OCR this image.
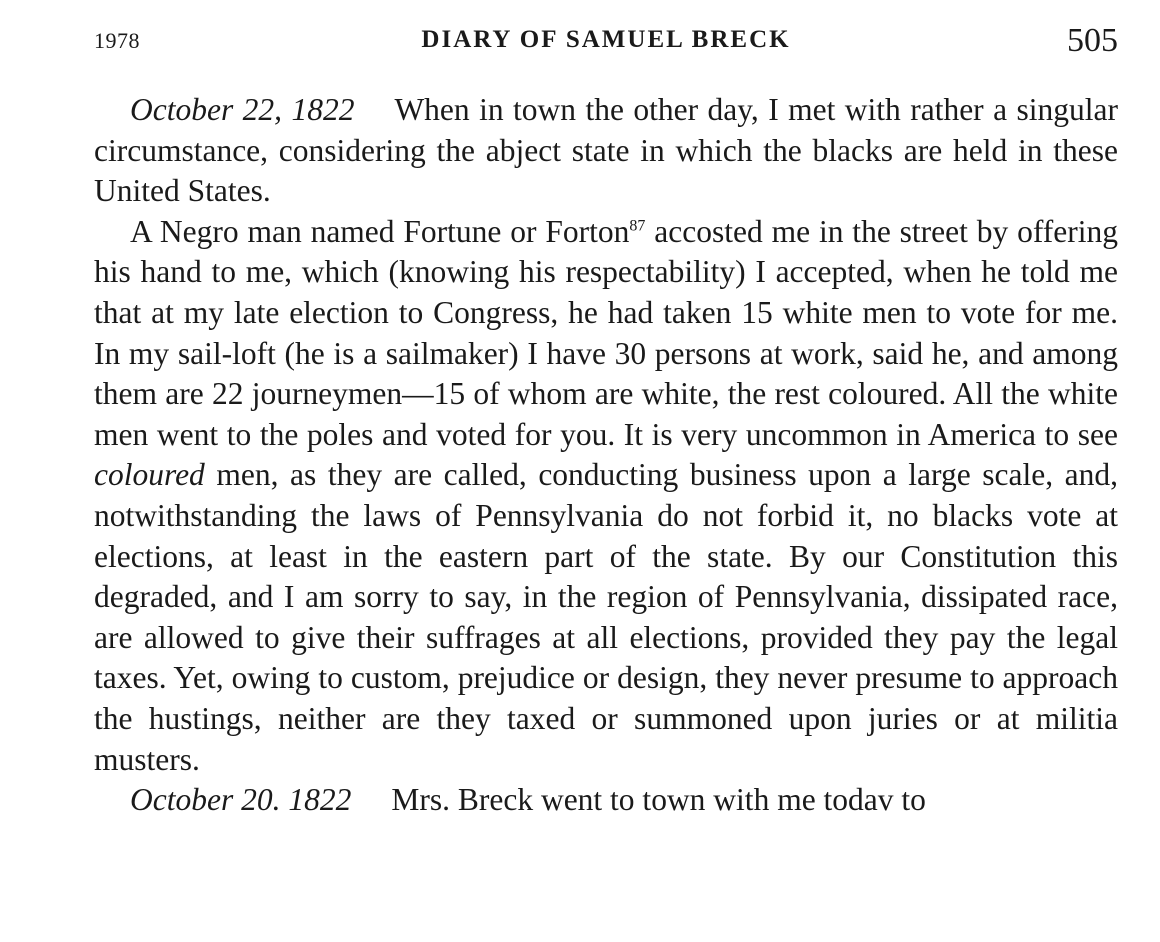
1978	DIARY OF SAMUEL BRECK	505

October 22, 1822 When in town the other day, I met with rather a singular circumstance, considering the abject state in which the blacks are held in these United States.

A Negro man named Fortune or Forton$^{87}$ accosted me in the street by offering his hand to me, which (knowing his respectability) I accepted, when he told me that at my late election to Congress, he had taken 15 white men to vote for me. In my sail-loft (he is a sailmaker) I have 30 persons at work, said he, and among them are 22 journeymen—15 of whom are white, the rest coloured. All the white men went to the poles and voted for you. It is very uncommon in America to see coloured men, as they are called, conducting business upon a large scale, and, notwithstanding the laws of Pennsylvania do not forbid it, no blacks vote at elections, at least in the eastern part of the state. By our Constitution this degraded, and I am sorry to say, in the region of Pennsylvania, dissipated race, are allowed to give their suffrages at all elections, provided they pay the legal taxes. Yet, owing to custom, prejudice or design, they never presume to approach the hustings, neither are they taxed or summoned upon juries or at militia musters.

October 20. 1822 Mrs. Breck went to town with me todav to
